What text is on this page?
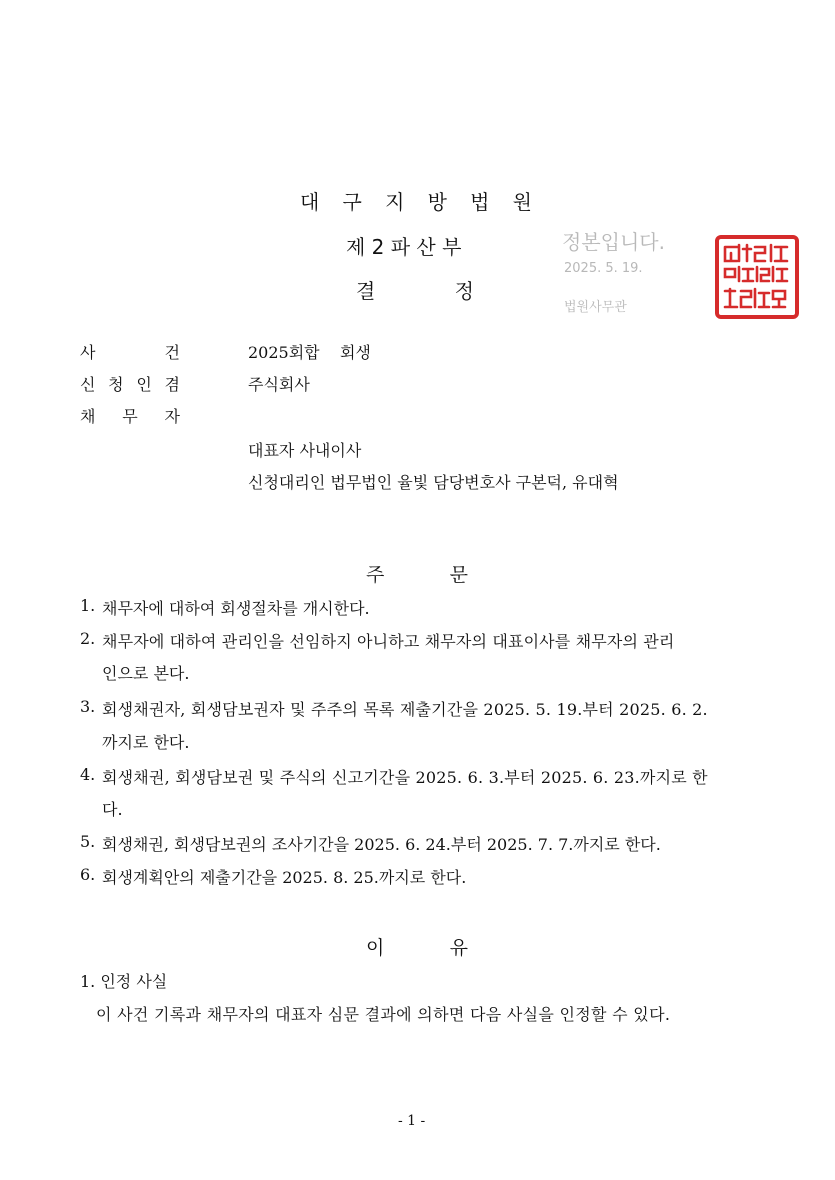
대 구 지 방 법 원
제 2 파 산 부
결	정
정본입니다.
2025. 5. 19.
법원사무관
사	건	2025회합    회생
신 청 인 겸	주식회사
채 무 자
대표자 사내이사
신청대리인 법무법인 율빛 담당변호사 구본덕, 유대혁
주	문
1. 채무자에 대하여 회생절차를 개시한다.
2. 채무자에 대하여 관리인을 선임하지 아니하고 채무자의 대표이사를 채무자의 관리
인으로 본다.
3. 회생채권자, 회생담보권자 및 주주의 목록 제출기간을 2025. 5. 19.부터 2025. 6. 2.
까지로 한다.
4. 회생채권, 회생담보권 및 주식의 신고기간을 2025. 6. 3.부터 2025. 6. 23.까지로 한
다.
5. 회생채권, 회생담보권의 조사기간을 2025. 6. 24.부터 2025. 7. 7.까지로 한다.
6. 회생계획안의 제출기간을 2025. 8. 25.까지로 한다.
이	유
1. 인정 사실
이 사건 기록과 채무자의 대표자 심문 결과에 의하면 다음 사실을 인정할 수 있다.
- 1 -
